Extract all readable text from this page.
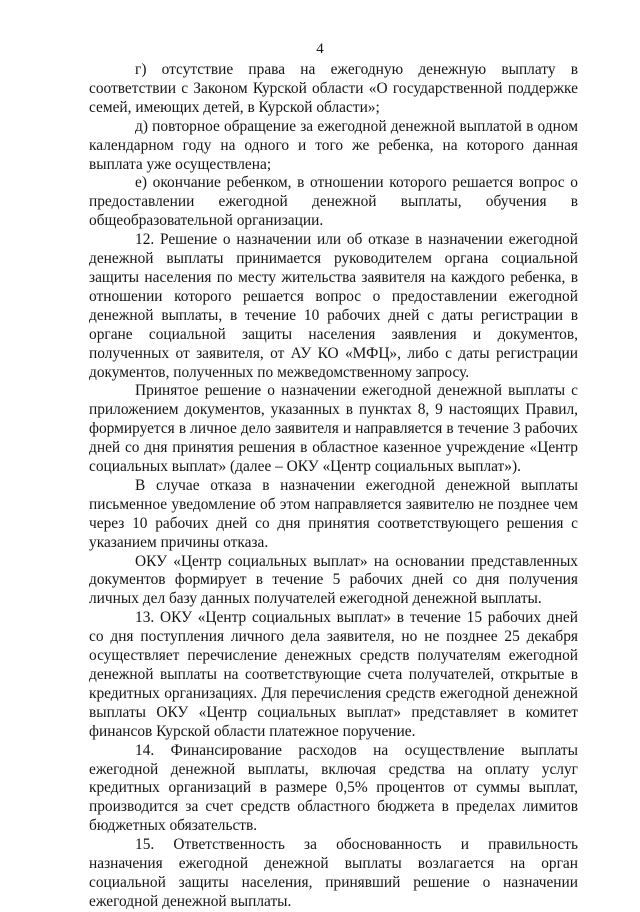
4

г) отсутствие права на ежегодную денежную выплату в соответствии с Законом Курской области «О государственной поддержке семей, имеющих детей, в Курской области»;

д) повторное обращение за ежегодной денежной выплатой в одном календарном году на одного и того же ребенка, на которого данная выплата уже осуществлена;

е) окончание ребенком, в отношении которого решается вопрос о предоставлении ежегодной денежной выплаты, обучения в общеобразовательной организации.

12. Решение о назначении или об отказе в назначении ежегодной денежной выплаты принимается руководителем органа социальной защиты населения по месту жительства заявителя на каждого ребенка, в отношении которого решается вопрос о предоставлении ежегодной денежной выплаты, в течение 10 рабочих дней с даты регистрации в органе социальной защиты населения заявления и документов, полученных от заявителя, от АУ КО «МФЦ», либо с даты регистрации документов, полученных по межведомственному запросу.

Принятое решение о назначении ежегодной денежной выплаты с приложением документов, указанных в пунктах 8, 9 настоящих Правил, формируется в личное дело заявителя и направляется в течение 3 рабочих дней со дня принятия решения в областное казенное учреждение «Центр социальных выплат» (далее – ОКУ «Центр социальных выплат»).

В случае отказа в назначении ежегодной денежной выплаты письменное уведомление об этом направляется заявителю не позднее чем через 10 рабочих дней со дня принятия соответствующего решения с указанием причины отказа.

ОКУ «Центр социальных выплат» на основании представленных документов формирует в течение 5 рабочих дней со дня получения личных дел базу данных получателей ежегодной денежной выплаты.

13. ОКУ «Центр социальных выплат» в течение 15 рабочих дней со дня поступления личного дела заявителя, но не позднее 25 декабря осуществляет перечисление денежных средств получателям ежегодной денежной выплаты на соответствующие счета получателей, открытые в кредитных организациях. Для перечисления средств ежегодной денежной выплаты ОКУ «Центр социальных выплат» представляет в комитет финансов Курской области платежное поручение.

14. Финансирование расходов на осуществление выплаты ежегодной денежной выплаты, включая средства на оплату услуг кредитных организаций в размере 0,5% процентов от суммы выплат, производится за счет средств областного бюджета в пределах лимитов бюджетных обязательств.

15. Ответственность за обоснованность и правильность назначения ежегодной денежной выплаты возлагается на орган социальной защиты населения, принявший решение о назначении ежегодной денежной выплаты.
